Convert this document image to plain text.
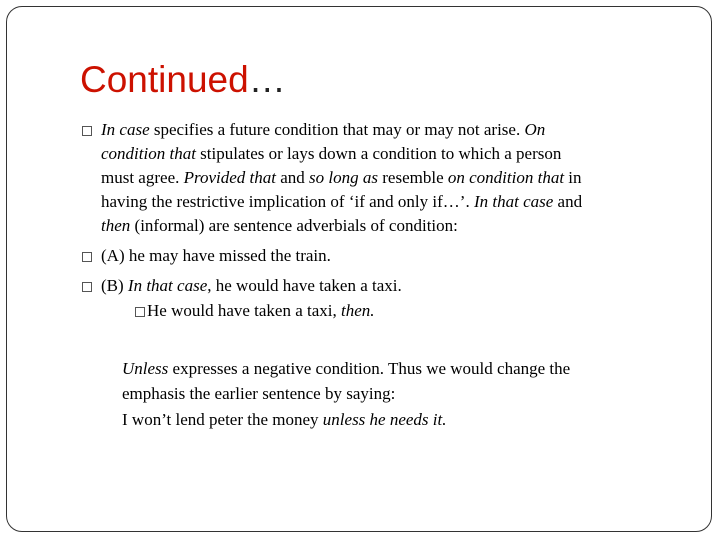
Continued…
In case specifies a future condition that may or may not arise. On
condition that stipulates or lays down a condition to which a person
must agree. Provided that and so long as resemble on condition that in
having the restrictive implication of ‘if and only if…’. In that case and
then (informal) are sentence adverbials of condition:
(A) he may have missed the train.
(B) In that case, he would have taken a taxi.
He would have taken a taxi, then.
Unless expresses a negative condition. Thus we would change the
emphasis the earlier sentence by saying:
I won’t lend peter the money unless he needs it.
